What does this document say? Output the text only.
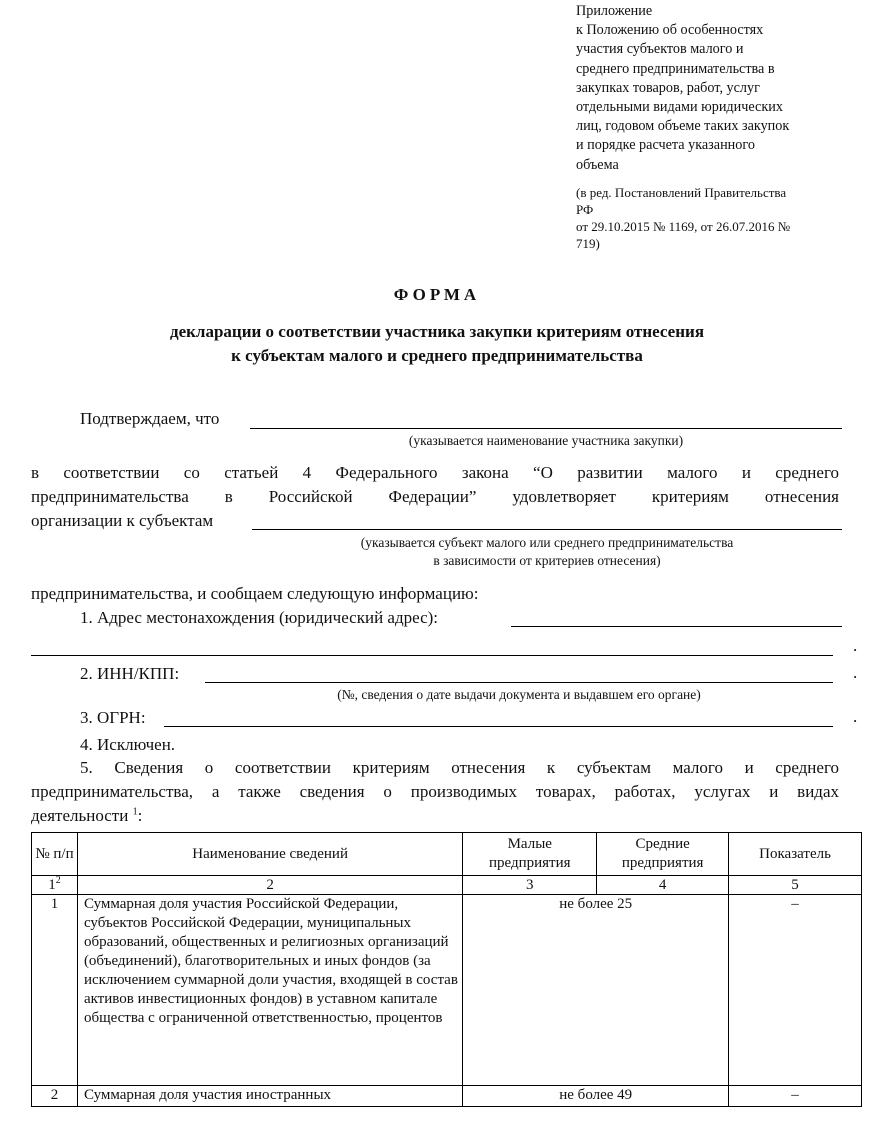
Приложение
к Положению об особенностях
участия субъектов малого и
среднего предпринимательства в
закупках товаров, работ, услуг
отдельными видами юридических
лиц, годовом объеме таких закупок
и порядке расчета указанного
объема
(в ред. Постановлений Правительства
РФ
от 29.10.2015 № 1169, от 26.07.2016 №
719)
ФОРМА
декларации о соответствии участника закупки критериям отнесения
к субъектам малого и среднего предпринимательства
Подтверждаем, что
(указывается наименование участника закупки)
в соответствии со статьей 4 Федерального закона “О развитии малого и среднего
предпринимательства в Российской Федерации” удовлетворяет критериям отнесения
организации к субъектам
(указывается субъект малого или среднего предпринимательства
в зависимости от критериев отнесения)
предпринимательства, и сообщаем следующую информацию:
1. Адрес местонахождения (юридический адрес):
.
2. ИНН/КПП:	.
(№, сведения о дате выдачи документа и выдавшем его органе)
3. ОГРН:	.
4. Исключен.
5. Сведения о соответствии критериям отнесения к субъектам малого и среднего
предпринимательства, а также сведения о производимых товарах, работах, услугах и видах
деятельности $^1$:
№ п/п	Наименование сведений	Малые предприятия	Средние предприятия	Показатель
$1^2$	2	3	4	5
1	Суммарная доля участия Российской Федерации, субъектов Российской Федерации, муниципальных образований, общественных и религиозных организаций (объединений), благотворительных и иных фондов (за исключением суммарной доли участия, входящей в состав активов инвестиционных фондов) в уставном капитале общества с ограниченной ответственностью, процентов	не более 25		–
2	Суммарная доля участия иностранных	не более 49		–
